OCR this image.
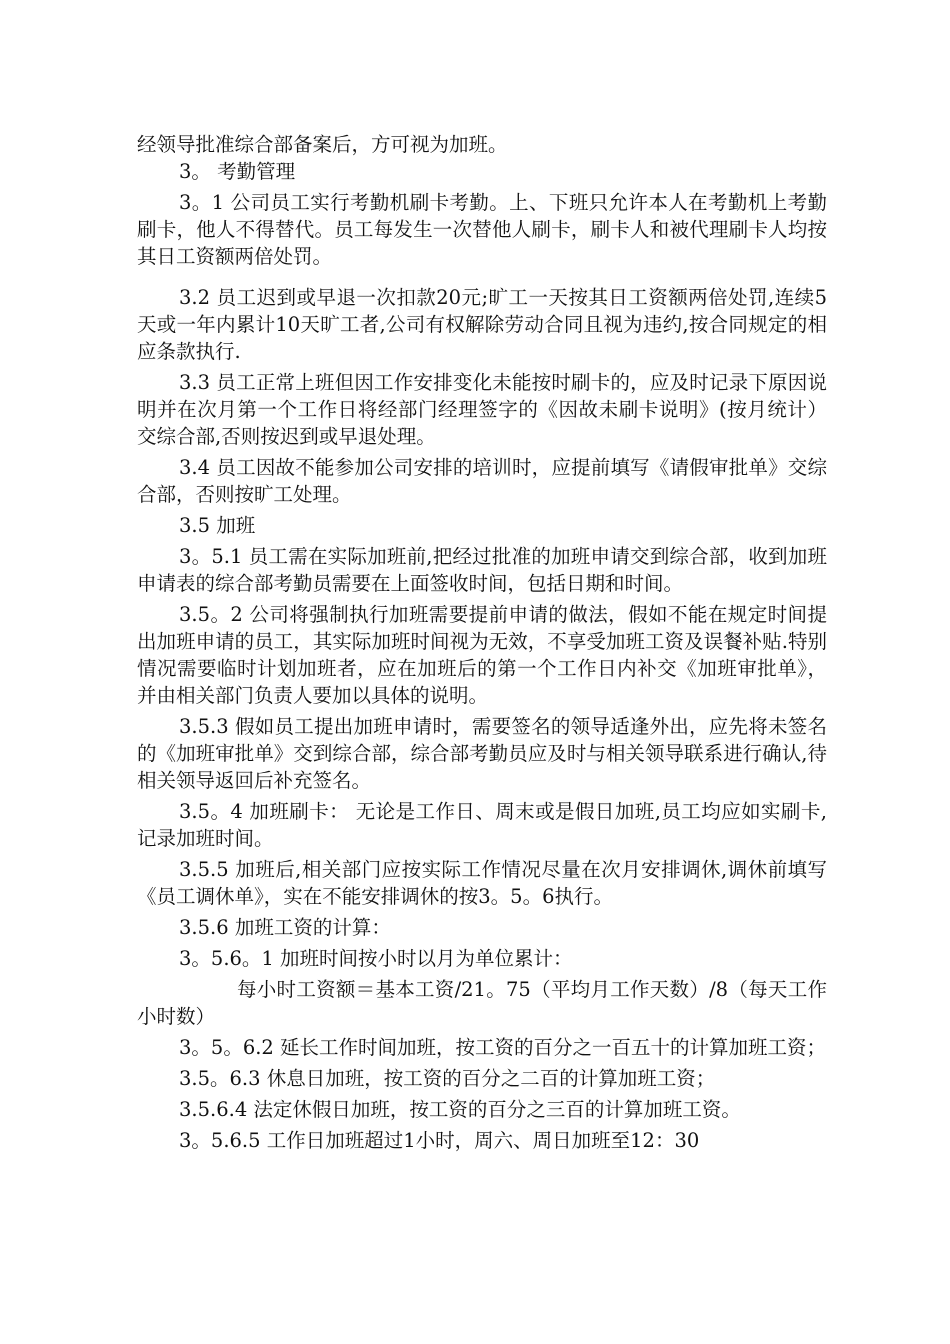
经领导批准综合部备案后，方可视为加班。

3。 考勤管理

3。1 公司员工实行考勤机刷卡考勤。上、下班只允许本人在考勤机上考勤刷卡，他人不得替代。员工每发生一次替他人刷卡，刷卡人和被代理刷卡人均按其日工资额两倍处罚。

3.2 员工迟到或早退一次扣款20元;旷工一天按其日工资额两倍处罚,连续5天或一年内累计10天旷工者,公司有权解除劳动合同且视为违约,按合同规定的相应条款执行.

3.3 员工正常上班但因工作安排变化未能按时刷卡的，应及时记录下原因说明并在次月第一个工作日将经部门经理签字的《因故未刷卡说明》(按月统计）交综合部,否则按迟到或早退处理。

3.4 员工因故不能参加公司安排的培训时，应提前填写《请假审批单》交综合部，否则按旷工处理。

3.5 加班

3。5.1 员工需在实际加班前,把经过批准的加班申请交到综合部，收到加班申请表的综合部考勤员需要在上面签收时间，包括日期和时间。

3.5。2 公司将强制执行加班需要提前申请的做法，假如不能在规定时间提出加班申请的员工，其实际加班时间视为无效，不享受加班工资及误餐补贴.特别情况需要临时计划加班者，应在加班后的第一个工作日内补交《加班审批单》，并由相关部门负责人要加以具体的说明。

3.5.3 假如员工提出加班申请时，需要签名的领导适逢外出，应先将未签名的《加班审批单》交到综合部，综合部考勤员应及时与相关领导联系进行确认,待相关领导返回后补充签名。

3.5。4 加班刷卡： 无论是工作日、周末或是假日加班,员工均应如实刷卡,记录加班时间。

3.5.5 加班后,相关部门应按实际工作情况尽量在次月安排调休,调休前填写《员工调休单》，实在不能安排调休的按3。5。6执行。

3.5.6 加班工资的计算：

3。5.6。1 加班时间按小时以月为单位累计：

每小时工资额＝基本工资/21。75（平均月工作天数）/8（每天工作小时数）

3。5。6.2 延长工作时间加班，按工资的百分之一百五十的计算加班工资；

3.5。6.3 休息日加班，按工资的百分之二百的计算加班工资；

3.5.6.4 法定休假日加班，按工资的百分之三百的计算加班工资。

3。5.6.5 工作日加班超过1小时，周六、周日加班至12：30
